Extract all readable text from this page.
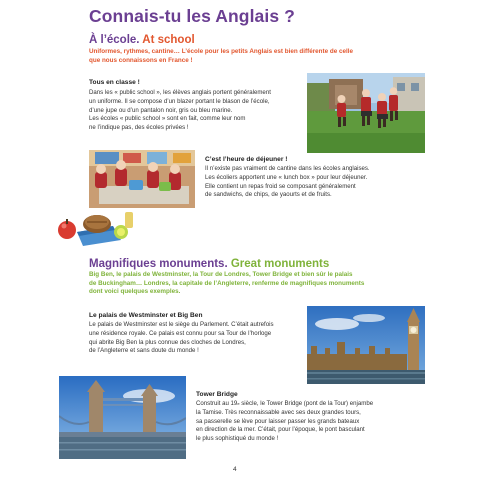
Connais-tu les Anglais ?
À l’école. At school
Uniformes, rythmes, cantine… L’école pour les petits Anglais est bien différente de celle
que nous connaissons en France !
Tous en classe !
Dans les « public school », les élèves anglais portent généralement
un uniforme. Il se compose d’un blazer portant le blason de l’école,
d’une jupe ou d’un pantalon noir, gris ou bleu marine.
Les écoles « public school » sont en fait, comme leur nom
ne l’indique pas, des écoles privées !
C’est l’heure de déjeuner !
Il n’existe pas vraiment de cantine dans les écoles anglaises.
Les écoliers apportent une « lunch box » pour leur déjeuner.
Elle contient un repas froid se composant généralement
de sandwichs, de chips, de yaourts et de fruits.
Magnifiques monuments. Great monuments
Big Ben, le palais de Westminster, la Tour de Londres, Tower Bridge et bien sûr le palais
de Buckingham… Londres, la capitale de l’Angleterre, renferme de magnifiques monuments
dont voici quelques exemples.
Le palais de Westminster et Big Ben
Le palais de Westminster est le siège du Parlement. C’était autrefois
une résidence royale. Ce palais est connu pour sa Tour de l’horloge
qui abrite Big Ben la plus connue des cloches de Londres,
de l’Angleterre et sans doute du monde !
Tower Bridge
Construit au 19e siècle, le Tower Bridge (pont de la Tour) enjambe
la Tamise. Très reconnaissable avec ses deux grandes tours,
sa passerelle se lève pour laisser passer les grands bateaux
en direction de la mer. C’était, pour l’époque, le pont basculant
le plus sophistiqué du monde !
4
